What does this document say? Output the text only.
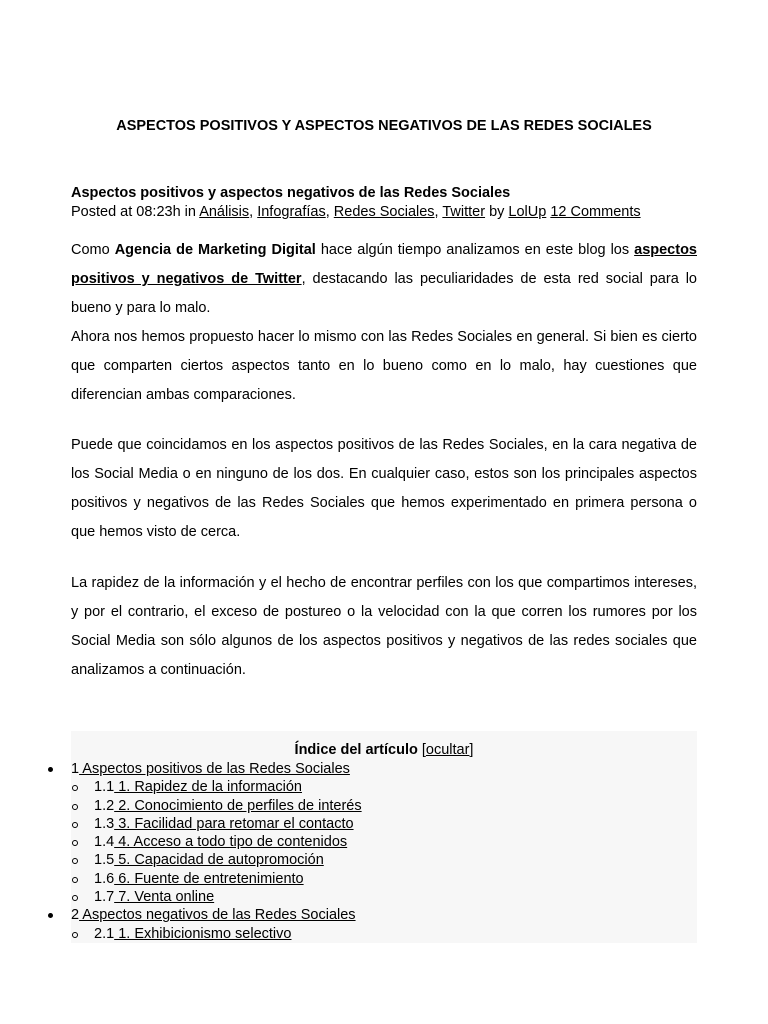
ASPECTOS POSITIVOS Y ASPECTOS NEGATIVOS DE LAS REDES SOCIALES
Aspectos positivos y aspectos negativos de las Redes Sociales
Posted at 08:23h in Análisis, Infografías, Redes Sociales, Twitter by LolUp 12 Comments

Como Agencia de Marketing Digital hace algún tiempo analizamos en este blog los aspectos positivos y negativos de Twitter, destacando las peculiaridades de esta red social para lo bueno y para lo malo.

Ahora nos hemos propuesto hacer lo mismo con las Redes Sociales en general. Si bien es cierto que comparten ciertos aspectos tanto en lo bueno como en lo malo, hay cuestiones que diferencian ambas comparaciones.

Puede que coincidamos en los aspectos positivos de las Redes Sociales, en la cara negativa de los Social Media o en ninguno de los dos. En cualquier caso, estos son los principales aspectos positivos y negativos de las Redes Sociales que hemos experimentado en primera persona o que hemos visto de cerca.

La rapidez de la información y el hecho de encontrar perfiles con los que compartimos intereses, y por el contrario, el exceso de postureo o la velocidad con la que corren los rumores por los Social Media son sólo algunos de los aspectos positivos y negativos de las redes sociales que analizamos a continuación.

Índice del artículo [ocultar]
1 Aspectos positivos de las Redes Sociales
1.1 1. Rapidez de la información
1.2 2. Conocimiento de perfiles de interés
1.3 3. Facilidad para retomar el contacto
1.4 4. Acceso a todo tipo de contenidos
1.5 5. Capacidad de autopromoción
1.6 6. Fuente de entretenimiento
1.7 7. Venta online
2 Aspectos negativos de las Redes Sociales
2.1 1. Exhibicionismo selectivo
